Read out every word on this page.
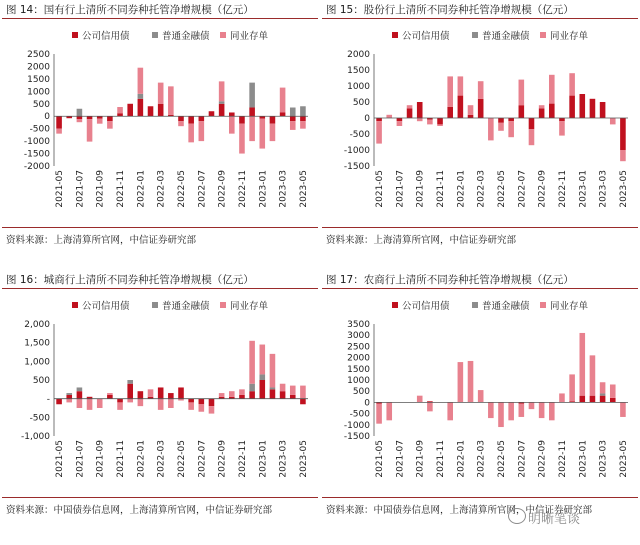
图 14：国有行上清所不同券种托管净增规模（亿元）
公司信用债	普通金融债 同业存单
2500
2000
1500
1000
500
0
-500
-1000
-1500
-2000
2021-05 2021-07 2021-09 2021-11 2022-01 2022-03 2022-05 2022-07 2022-09 2022-11 2023-01 2023-03 2023-05
资料来源：上海清算所官网，中信证券研究部
图 15：股份行上清所不同券种托管净增规模（亿元）
公司信用债	普通金融债 同业存单
2000
1500
1000
500
0
-500
-1000
-1500
2021-05 2021-07 2021-09 2021-11 2022-01 2022-03 2022-05 2022-07 2022-09 2022-11 2023-01 2023-03 2023-05
资料来源：上海清算所官网，中信证券研究部
图 16：城商行上清所不同券种托管净增规模（亿元）
公司信用债	普通金融债 同业存单
2,000
1,500
1,000
500
-
-500
-1,000
2021-05 2021-07 2021-09 2021-11 2022-01 2022-03 2022-05 2022-07 2022-09 2022-11 2023-01 2023-03 2023-05
资料来源：中国债券信息网，上海清算所官网，中信证券研究部
图 17：农商行上清所不同券种托管净增规模（亿元）
公司信用债	普通金融债 同业存单
3500
3000
2500
2000
1500
1000
500
0
-500
-1000
-1500
2021-05 2021-07 2021-09 2021-11 2022-01 2022-03 2022-05 2022-07 2022-09 2022-11 2023-01 2023-03 2023-05
资料来源：中国债券信息网，上海清算所官网，中信证券研究部
明晰笔谈
